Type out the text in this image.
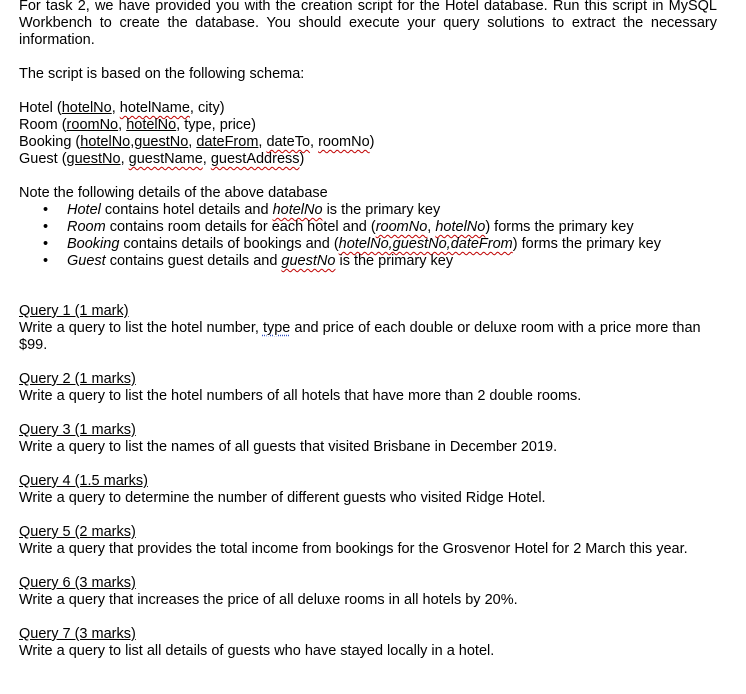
For task 2, we have provided you with the creation script for the Hotel database. Run this script in MySQL Workbench to create the database. You should execute your query solutions to extract the necessary information.

The script is based on the following schema:

Hotel (hotelNo, hotelName, city)

Room (roomNo, hotelNo, type, price)

Booking (hotelNo,guestNo, dateFrom, dateTo, roomNo)

Guest (guestNo, guestName, guestAddress)

Note the following details of the above database

• Hotel contains hotel details and hotelNo is the primary key
• Room contains room details for each hotel and (roomNo, hotelNo) forms the primary key
• Booking contains details of bookings and (hotelNo,guestNo,dateFrom) forms the primary key
• Guest contains guest details and guestNo is the primary key

Query 1 (1 mark)

Write a query to list the hotel number, type and price of each double or deluxe room with a price more than $99.

Query 2 (1 marks)

Write a query to list the hotel numbers of all hotels that have more than 2 double rooms.

Query 3 (1 marks)

Write a query to list the names of all guests that visited Brisbane in December 2019.

Query 4 (1.5 marks)

Write a query to determine the number of different guests who visited Ridge Hotel.

Query 5 (2 marks)

Write a query that provides the total income from bookings for the Grosvenor Hotel for 2 March this year.

Query 6 (3 marks)

Write a query that increases the price of all deluxe rooms in all hotels by 20%.

Query 7 (3 marks)

Write a query to list all details of guests who have stayed locally in a hotel.
